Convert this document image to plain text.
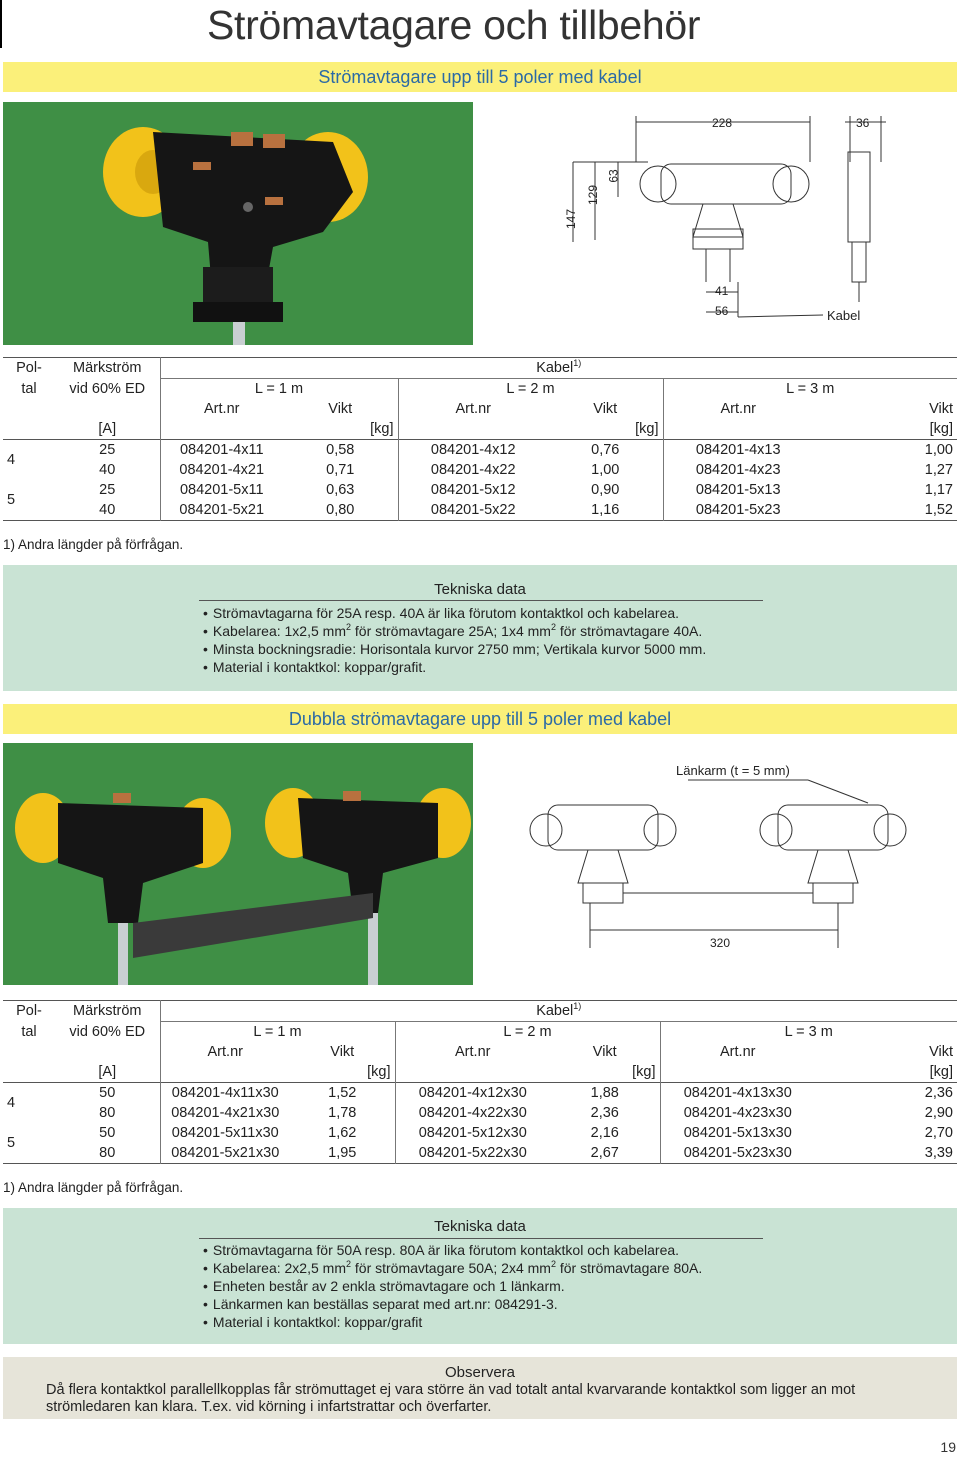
Strömavtagare och tillbehör
Strömavtagare upp till 5 poler med kabel
228	36
147
129
63
41
56	Kabel
Pol-	Märkström	Kabel$^{1)}$
tal	vid 60% ED	L = 1 m		L = 2 m		L = 3 m	
		Art.nr	Vikt	Art.nr	Vikt	Art.nr	Vikt
	[A]		[kg]		[kg]		[kg]
4	25	084201-4x11	0,58	084201-4x12	0,76	084201-4x13	1,00
	40	084201-4x21	0,71	084201-4x22	1,00	084201-4x23	1,27
5	25	084201-5x11	0,63	084201-5x12	0,90	084201-5x13	1,17
	40	084201-5x21	0,80	084201-5x22	1,16	084201-5x23	1,52
1) Andra längder på förfrågan.
Tekniska data
• Strömavtagarna för 25A resp. 40A är lika förutom kontaktkol och kabelarea.
• Kabelarea: 1x2,5 $mm^2$ för strömavtagare 25A; 1x4 $mm^2$ för strömavtagare 40A.
• Minsta bockningsradie: Horisontala kurvor 2750 mm; Vertikala kurvor 5000 mm.
• Material i kontaktkol: koppar/grafit.
Dubbla strömavtagare upp till 5 poler med kabel
Länkarm (t = 5 mm)
320
Pol-	Märkström	Kabel$^{1)}$
tal	vid 60% ED	L = 1 m		L = 2 m		L = 3 m	
		Art.nr	Vikt	Art.nr	Vikt	Art.nr	Vikt
	[A]		[kg]		[kg]		[kg]
4	50	084201-4x11x30	1,52	084201-4x12x30	1,88	084201-4x13x30	2,36
	80	084201-4x21x30	1,78	084201-4x22x30	2,36	084201-4x23x30	2,90
5	50	084201-5x11x30	1,62	084201-5x12x30	2,16	084201-5x13x30	2,70
	80	084201-5x21x30	1,95	084201-5x22x30	2,67	084201-5x23x30	3,39
1) Andra längder på förfrågan.
Tekniska data
• Strömavtagarna för 50A resp. 80A är lika förutom kontaktkol och kabelarea.
• Kabelarea: 2x2,5 $mm^2$ för strömavtagare 50A; 2x4 $mm^2$ för strömavtagare 80A.
• Enheten består av 2 enkla strömavtagare och 1 länkarm.
• Länkarmen kan beställas separat med art.nr: 084291-3.
• Material i kontaktkol: koppar/grafit
Observera
Då flera kontaktkol parallellkopplas får strömuttaget ej vara större än vad totalt antal kvarvarande kontaktkol som ligger an mot strömledaren kan klara. T.ex. vid körning i infartstrattar och överfarter.
19
